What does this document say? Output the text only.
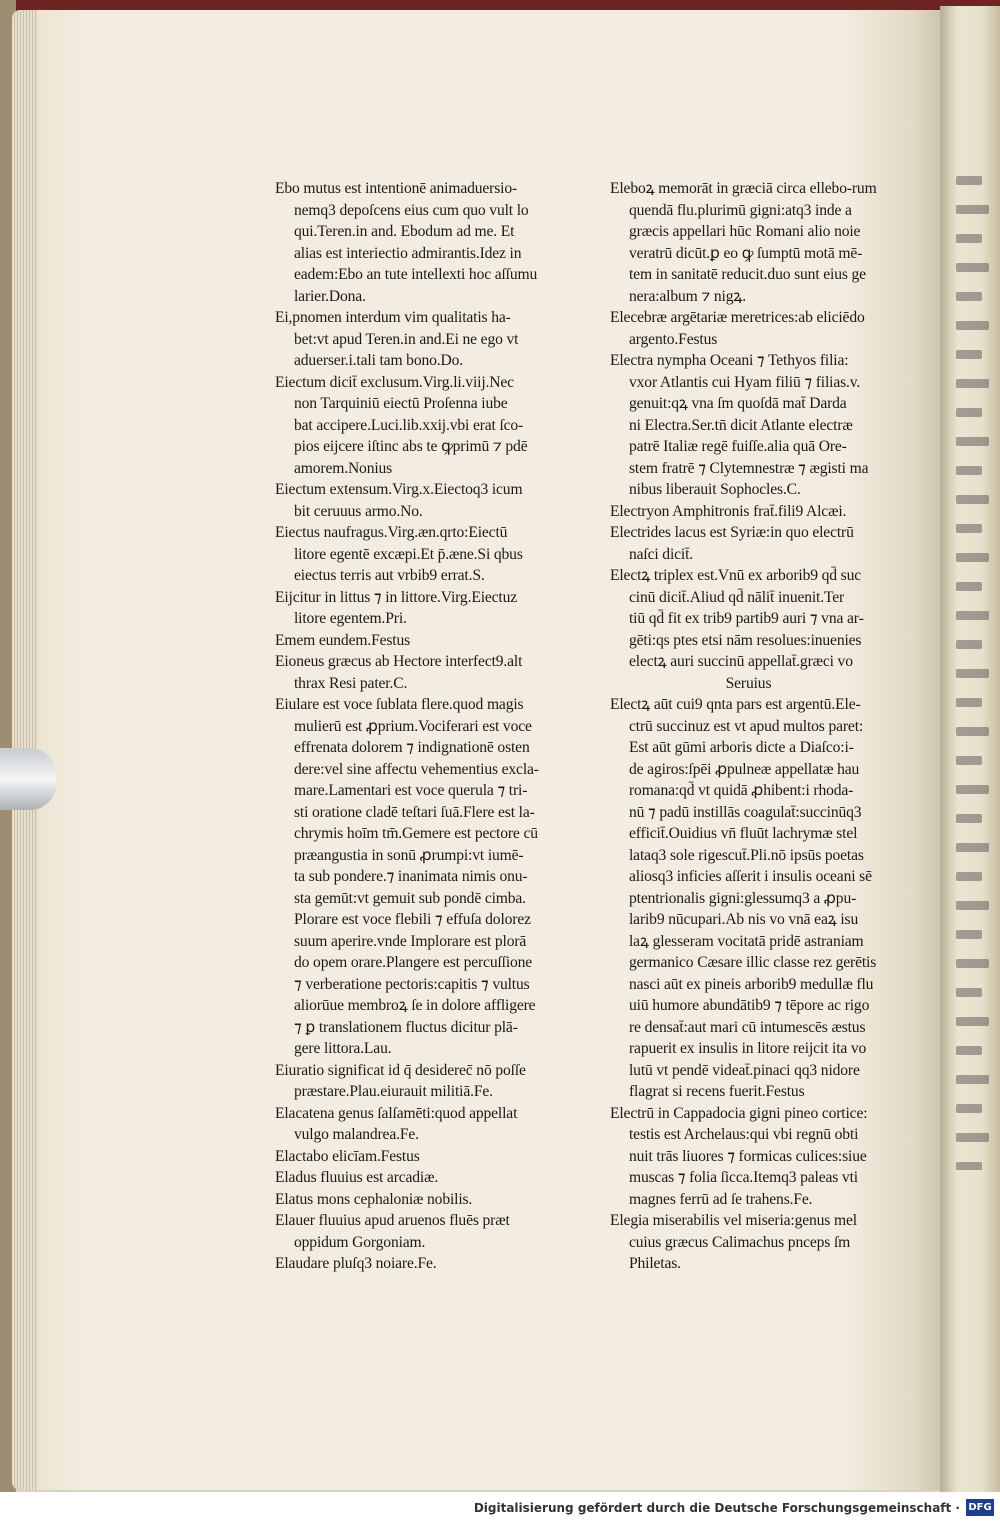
Ebo mutus est intentionē animaduersio‑
nemq3 depoſcens eius cum quo vult lo
qui.Teren.in and. Ebodum ad me. Et
alias est interiectio admirantis.Idez in
eadem:Ebo an tute intellexti hoc aſſumu
larier.Dona.
Ei,pnomen interdum vim qualitatis ha‑
bet:vt apud Teren.in and.Ei ne ego vt
aduerser.i.tali tam bono.Do.
Eiectum dicit̄ exclusum.Virg.li.viij.Nec
non Tarquiniū eiectū Proſenna iube
bat accipere.Luci.lib.xxij.vbi erat ſco‑
pios eijcere iſtinc abs te ꝙprimū ⁊ pdē
amorem.Nonius
Eiectum extensum.Virg.x.Eiectoq3 icum
bit ceruuus armo.No.
Eiectus naufragus.Virg.æn.qrto:Eiectū
litore egentē excæpi.Et p̄.æne.Si qbus
eiectus terris aut vrbib9 errat.S.
Eijcitur in littus ⁊ in littore.Virg.Eiectuz
litore egentem.Pri.
Emem eundem.Festus
Eioneus græcus ab Hectore interfect9.alt
thrax Resi pater.C.
Eiulare est voce ſublata flere.quod magis
mulierū est ꝓprium.Vociferari est voce
effrenata dolorem ⁊ indignationē osten
dere:vel sine affectu vehementius excla‑
mare.Lamentari est voce querula ⁊ tri‑
sti oratione cladē teſtari ſuā.Flere est la‑
chrymis hoīm tm̄.Gemere est pectore cū
præangustia in sonū ꝓrumpi:vt iumē‑
ta sub pondere.⁊ inanimata nimis onu‑
sta gemūt:vt gemuit sub pondē cimba.
Plorare est voce flebili ⁊ effuſa dolorez
suum aperire.vnde Implorare est plorā
do opem orare.Plangere est percuſſione
⁊ verberatione pectoris:capitis ⁊ vultus
aliorūue membroꝝ ſe in dolore affligere
⁊ ꝑ translationem fluctus dicitur plā‑
gere littora.Lau.
Eiuratio significat id q̄ desiderec̄ nō poſſe
præstare.Plau.eiurauit militiā.Fe.
Elacatena genus ſalſamēti:quod appellat
vulgo malandrea.Fe.
Elactabo elicīam.Festus
Eladus fluuius est arcadiæ.
Elatus mons cephaloniæ nobilis.
Elauer fluuius apud aruenos fluēs præt
oppidum Gorgoniam.
Elaudare pluſq3 noiare.Fe.
Eleboꝝ memorāt in græciā circa ellebo‑rum
quendā flu.plurimū gigni:atq3 inde a
græcis appellari hūc Romani alio noie
veratrū dicūt.ꝑ eo ꝙ ſumptū motā mē‑
tem in sanitatē reducit.duo sunt eius ge
nera:album ⁊ nigꝝ.
Elecebræ argētariæ meretrices:ab eliciēdo
argento.Festus
Electra nympha Oceani ⁊ Tethyos filia:
vxor Atlantis cui Hyam filiū ⁊ filias.v.
genuit:qꝝ vna ſm quoſdā mat̄ Darda
ni Electra.Ser.tn̄ dicit Atlante electræ
patrē Italiæ regē fuiſſe.alia quā Ore‑
stem fratrē ⁊ Clytemnestræ ⁊ ægisti ma
nibus liberauit Sophocles.C.
Electryon Amphitronis frat̄.fili9 Alcæi.
Electrides lacus est Syriæ:in quo electrū
naſci dicit̄.
Electꝝ triplex est.Vnū ex arborib9 qd̄ suc
cinū dicit̄.Aliud qd̄ nālit̄ inuenit.Ter
tiū qd̄ fit ex trib9 partib9 auri ⁊ vna ar‑
gēti:qs ptes etsi nām resolues:inuenies
electꝝ auri succinū appellat̄.græci vo
Seruius
Electꝝ aūt cui9 qnta pars est argentū.Ele‑
ctrū succinuz est vt apud multos paret:
Est aūt gūmi arboris dicte a Diaſco:i‑
de agiros:ſpēi ꝓpulneæ appellatæ hau
romana:qd̄ vt quidā ꝓhibent:i rhoda‑
nū ⁊ padū instillās coagulat̄:succinūq3
efficit̄.Ouidius vn̄ fluūt lachrymæ stel
lataq3 sole rigescut̄.Pli.nō ipsūs poetas
aliosq3 inficies aſſerit i insulis oceani sē
ptentrionalis gigni:glessumq3 a ꝓpu‑
larib9 nūcupari.Ab nis vo vnā eaꝝ isu
laꝝ glesseram vocitatā pridē astraniam
germanico Cæsare illic classe rez gerētis
nasci aūt ex pineis arborib9 medullæ flu
uiū humore abundātib9 ⁊ tēpore ac rigo
re densat̄:aut mari cū intumescēs æstus
rapuerit ex insulis in litore reijcit ita vo
lutū vt pendē videat̄.pinaci qq3 nidore
flagrat si recens fuerit.Festus
Electrū in Cappadocia gigni pineo cortice:
testis est Archelaus:qui vbi regnū obti
nuit trās liuores ⁊ formicas culices:siue
muscas ⁊ folia ſicca.Itemq3 paleas vti
magnes ferrū ad ſe trahens.Fe.
Elegia miserabilis vel miseria:genus mel
cuius græcus Calimachus pnceps ſm
Philetas.
Digitalisierung gefördert durch die Deutsche Forschungsgemeinschaft · DFG
